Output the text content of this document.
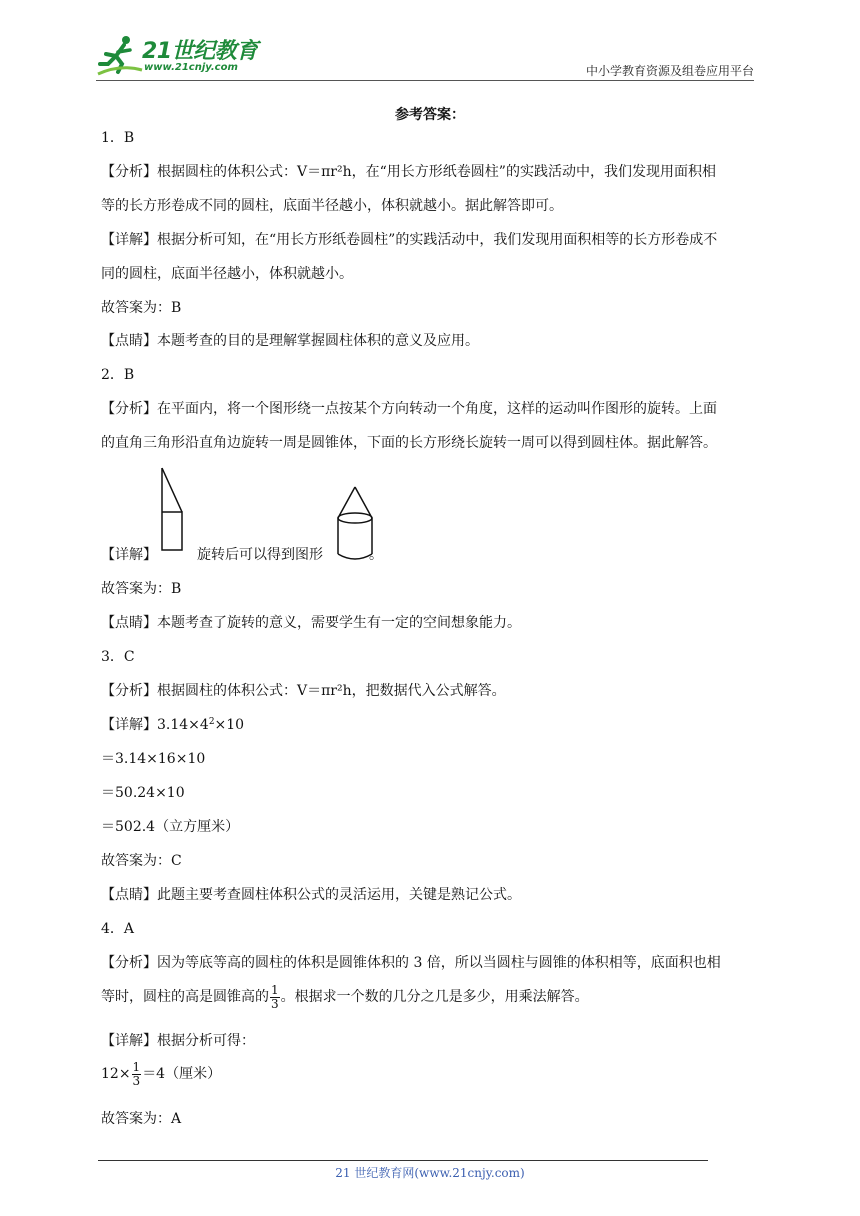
21世纪教育
www.21cnjy.com	中小学教育资源及组卷应用平台
参考答案：
1．B
【分析】根据圆柱的体积公式：V＝πr²h，在“用长方形纸卷圆柱”的实践活动中，我们发现用面积相
等的长方形卷成不同的圆柱，底面半径越小，体积就越小。据此解答即可。
【详解】根据分析可知，在“用长方形纸卷圆柱”的实践活动中，我们发现用面积相等的长方形卷成不
同的圆柱，底面半径越小，体积就越小。
故答案为：B
【点睛】本题考查的目的是理解掌握圆柱体积的意义及应用。
2．B
【分析】在平面内，将一个图形绕一点按某个方向转动一个角度，这样的运动叫作图形的旋转。上面
的直角三角形沿直角边旋转一周是圆锥体，下面的长方形绕长旋转一周可以得到圆柱体。据此解答。
【详解】	旋转后可以得到图形	。
故答案为：B
【点睛】本题考查了旋转的意义，需要学生有一定的空间想象能力。
3．C
【分析】根据圆柱的体积公式：V＝πr²h，把数据代入公式解答。
【详解】$3.14\times 4^2\times 10$
＝3.14×16×10
＝50.24×10
＝502.4（立方厘米）
故答案为：C
【点睛】此题主要考查圆柱体积公式的灵活运用，关键是熟记公式。
4．A
【分析】因为等底等高的圆柱的体积是圆锥体积的 3 倍，所以当圆柱与圆锥的体积相等，底面积也相
等时，圆柱的高是圆锥高的 $\frac{1}{3}$ 。根据求一个数的几分之几是多少，用乘法解答。
【详解】根据分析可得：
$12\times \frac{1}{3} =4$（厘米）
故答案为：A
21 世纪教育网(www.21cnjy.com)
